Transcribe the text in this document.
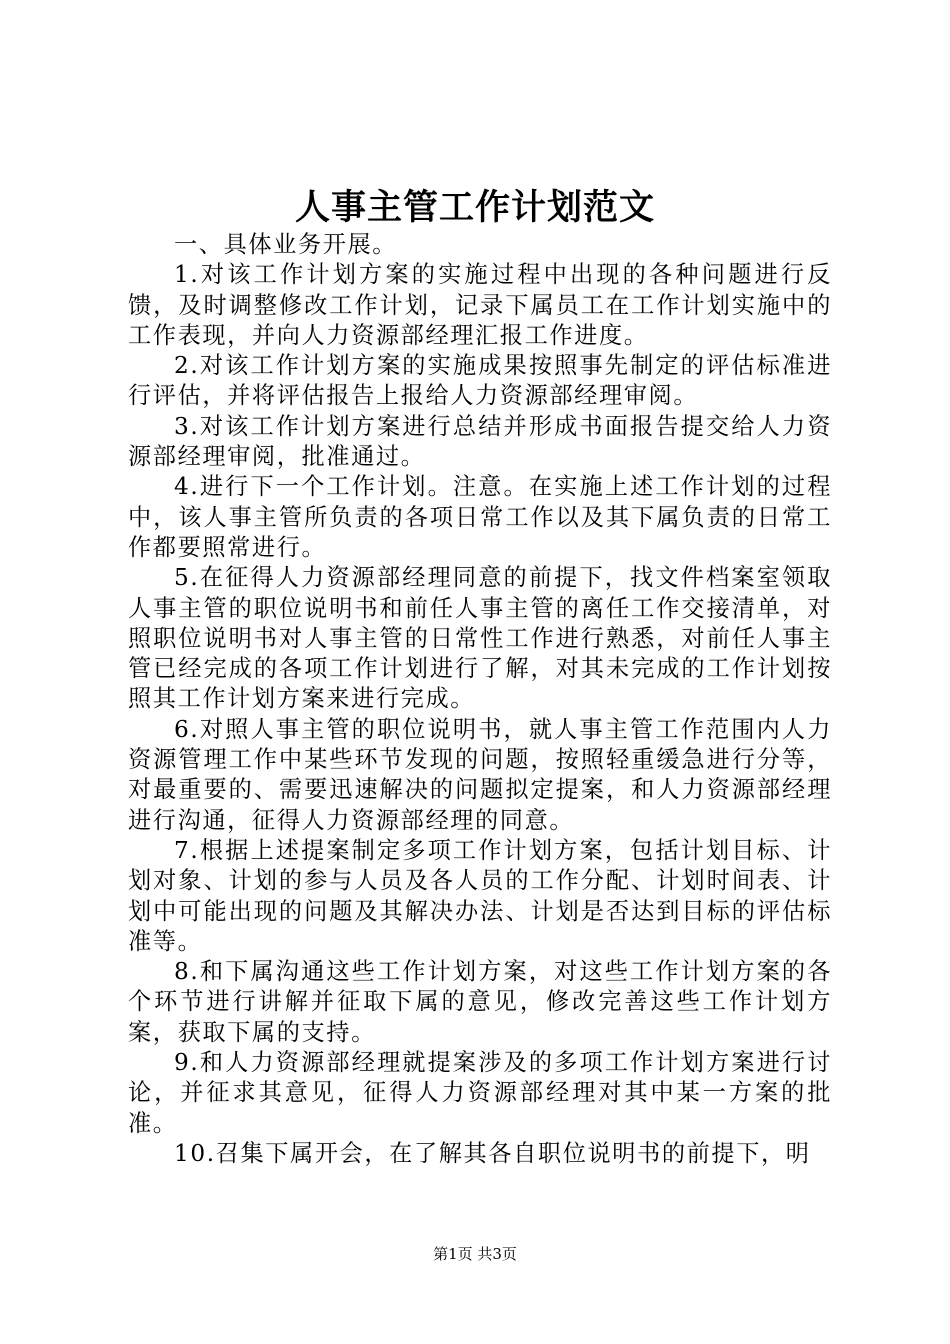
人事主管工作计划范文

一、具体业务开展。

1.对该工作计划方案的实施过程中出现的各种问题进行反馈，及时调整修改工作计划，记录下属员工在工作计划实施中的工作表现，并向人力资源部经理汇报工作进度。

2.对该工作计划方案的实施成果按照事先制定的评估标准进行评估，并将评估报告上报给人力资源部经理审阅。

3.对该工作计划方案进行总结并形成书面报告提交给人力资源部经理审阅，批准通过。

4.进行下一个工作计划。注意。在实施上述工作计划的过程中，该人事主管所负责的各项日常工作以及其下属负责的日常工作都要照常进行。

5.在征得人力资源部经理同意的前提下，找文件档案室领取人事主管的职位说明书和前任人事主管的离任工作交接清单，对照职位说明书对人事主管的日常性工作进行熟悉，对前任人事主管已经完成的各项工作计划进行了解，对其未完成的工作计划按照其工作计划方案来进行完成。

6.对照人事主管的职位说明书，就人事主管工作范围内人力资源管理工作中某些环节发现的问题，按照轻重缓急进行分等，对最重要的、需要迅速解决的问题拟定提案，和人力资源部经理进行沟通，征得人力资源部经理的同意。

7.根据上述提案制定多项工作计划方案，包括计划目标、计划对象、计划的参与人员及各人员的工作分配、计划时间表、计划中可能出现的问题及其解决办法、计划是否达到目标的评估标准等。

8.和下属沟通这些工作计划方案，对这些工作计划方案的各个环节进行讲解并征取下属的意见，修改完善这些工作计划方案，获取下属的支持。

9.和人力资源部经理就提案涉及的多项工作计划方案进行讨论，并征求其意见，征得人力资源部经理对其中某一方案的批准。

10.召集下属开会，在了解其各自职位说明书的前提下，明

第1页 共3页
